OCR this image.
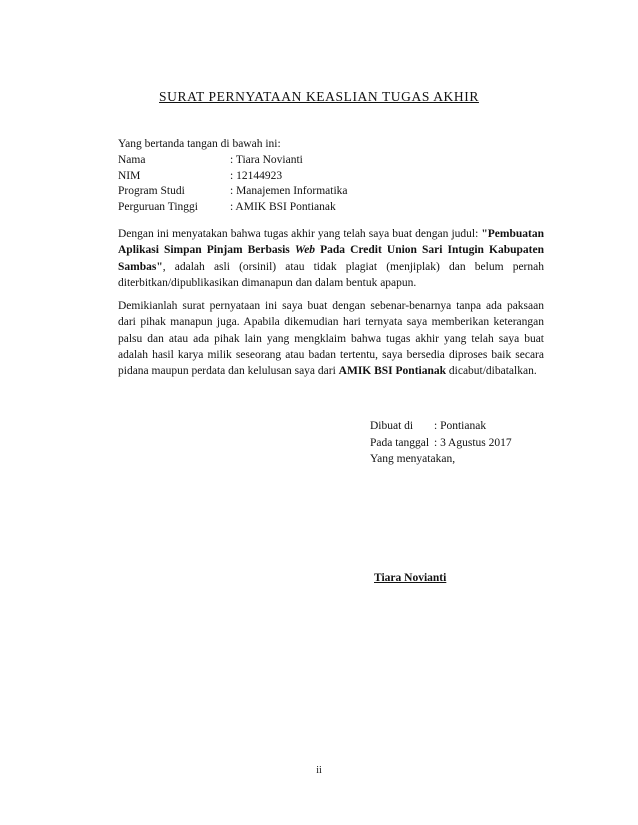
SURAT PERNYATAAN KEASLIAN TUGAS AKHIR
Yang bertanda tangan di bawah ini:
Nama	: Tiara Novianti
NIM	: 12144923
Program Studi	: Manajemen Informatika
Perguruan Tinggi	: AMIK BSI Pontianak
Dengan ini menyatakan bahwa tugas akhir yang telah saya buat dengan judul: "Pembuatan Aplikasi Simpan Pinjam Berbasis Web Pada Credit Union Sari Intugin Kabupaten Sambas", adalah asli (orsinil) atau tidak plagiat (menjiplak) dan belum pernah diterbitkan/dipublikasikan dimanapun dan dalam bentuk apapun.
Demikianlah surat pernyataan ini saya buat dengan sebenar-benarnya tanpa ada paksaan dari pihak manapun juga. Apabila dikemudian hari ternyata saya memberikan keterangan palsu dan atau ada pihak lain yang mengklaim bahwa tugas akhir yang telah saya buat adalah hasil karya milik seseorang atau badan tertentu, saya bersedia diproses baik secara pidana maupun perdata dan kelulusan saya dari AMIK BSI Pontianak dicabut/dibatalkan.
Dibuat di	: Pontianak
Pada tanggal : 3 Agustus 2017
Yang menyatakan,
Tiara Novianti
ii
